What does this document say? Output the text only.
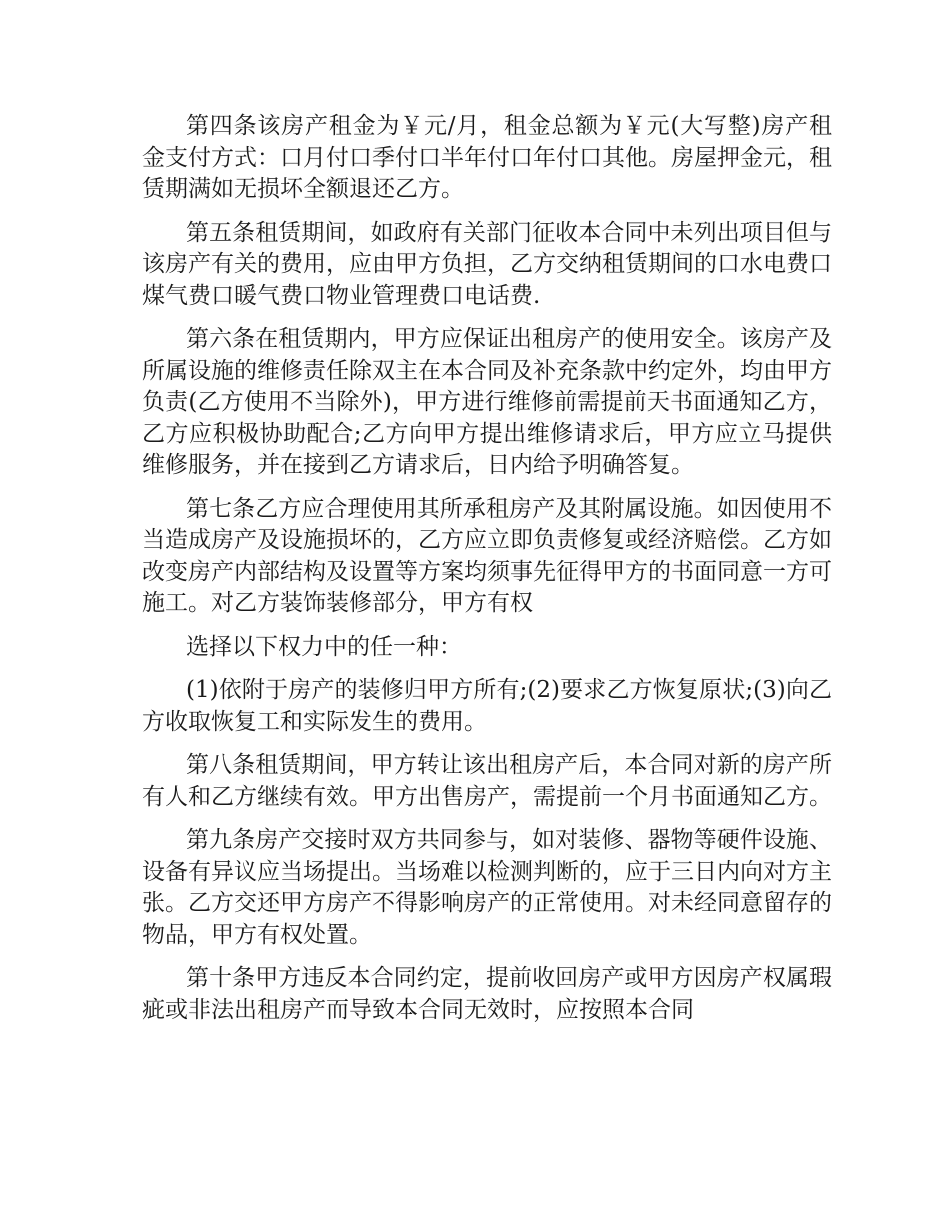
第四条该房产租金为￥元/月，租金总额为￥元(大写整)房产租金支付方式：口月付口季付口半年付口年付口其他。房屋押金元，租赁期满如无损坏全额退还乙方。

第五条租赁期间，如政府有关部门征收本合同中未列出项目但与该房产有关的费用，应由甲方负担，乙方交纳租赁期间的口水电费口煤气费口暖气费口物业管理费口电话费.

第六条在租赁期内，甲方应保证出租房产的使用安全。该房产及所属设施的维修责任除双主在本合同及补充条款中约定外，均由甲方负责(乙方使用不当除外)，甲方进行维修前需提前天书面通知乙方，乙方应积极协助配合;乙方向甲方提出维修请求后，甲方应立马提供维修服务，并在接到乙方请求后，日内给予明确答复。

第七条乙方应合理使用其所承租房产及其附属设施。如因使用不当造成房产及设施损坏的，乙方应立即负责修复或经济赔偿。乙方如改变房产内部结构及设置等方案均须事先征得甲方的书面同意一方可施工。对乙方装饰装修部分，甲方有权

选择以下权力中的任一种：

(1)依附于房产的装修归甲方所有;(2)要求乙方恢复原状;(3)向乙方收取恢复工和实际发生的费用。

第八条租赁期间，甲方转让该出租房产后，本合同对新的房产所有人和乙方继续有效。甲方出售房产，需提前一个月书面通知乙方。

第九条房产交接时双方共同参与，如对装修、器物等硬件设施、设备有异议应当场提出。当场难以检测判断的，应于三日内向对方主张。乙方交还甲方房产不得影响房产的正常使用。对未经同意留存的物品，甲方有权处置。

第十条甲方违反本合同约定，提前收回房产或甲方因房产权属瑕疵或非法出租房产而导致本合同无效时，应按照本合同
